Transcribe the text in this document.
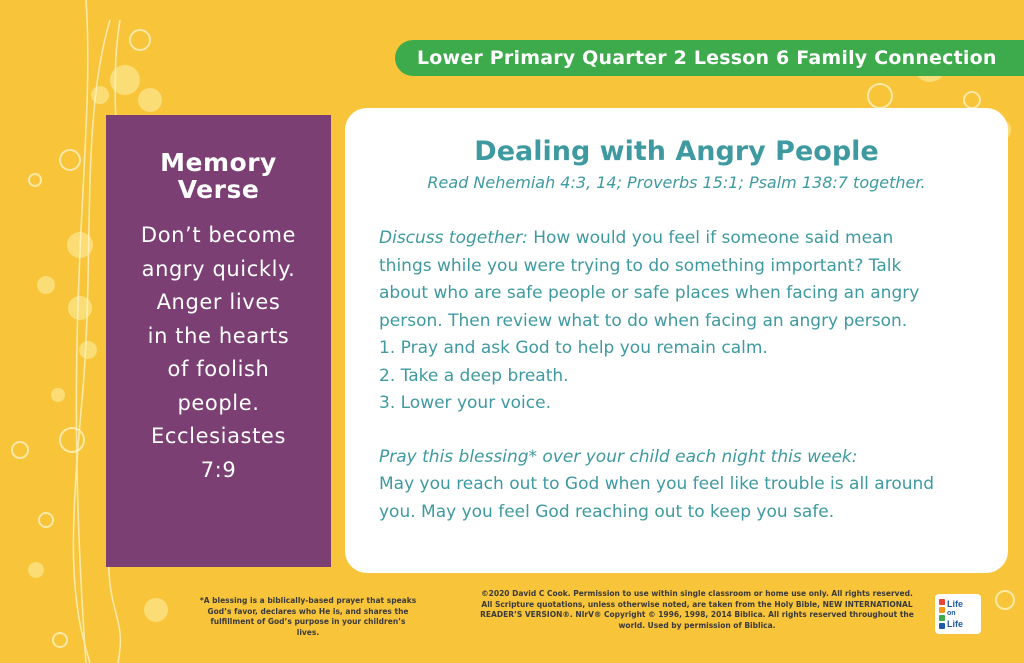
Lower Primary Quarter 2 Lesson 6 Family Connection
Memory
Verse
Don’t become
angry quickly.
Anger lives
in the hearts
of foolish
people.
Ecclesiastes
7:9
Dealing with Angry People
Read Nehemiah 4:3, 14; Proverbs 15:1; Psalm 138:7 together.
Discuss together: How would you feel if someone said mean
things while you were trying to do something important? Talk
about who are safe people or safe places when facing an angry
person. Then review what to do when facing an angry person.
1. Pray and ask God to help you remain calm.
2. Take a deep breath.
3. Lower your voice.
Pray this blessing* over your child each night this week:
May you reach out to God when you feel like trouble is all around
you. May you feel God reaching out to keep you safe.
*A blessing is a biblically-based prayer that speaks
God’s favor, declares who He is, and shares the
fulfillment of God’s purpose in your children’s lives.
©2020 David C Cook. Permission to use within single classroom or home use only. All rights reserved.
All Scripture quotations, unless otherwise noted, are taken from the Holy Bible, NEW INTERNATIONAL
READER’S VERSION®. NIrV® Copyright © 1996, 1998, 2014 Biblica. All rights reserved throughout the
world. Used by permission of Biblica.
Life
on
Life
